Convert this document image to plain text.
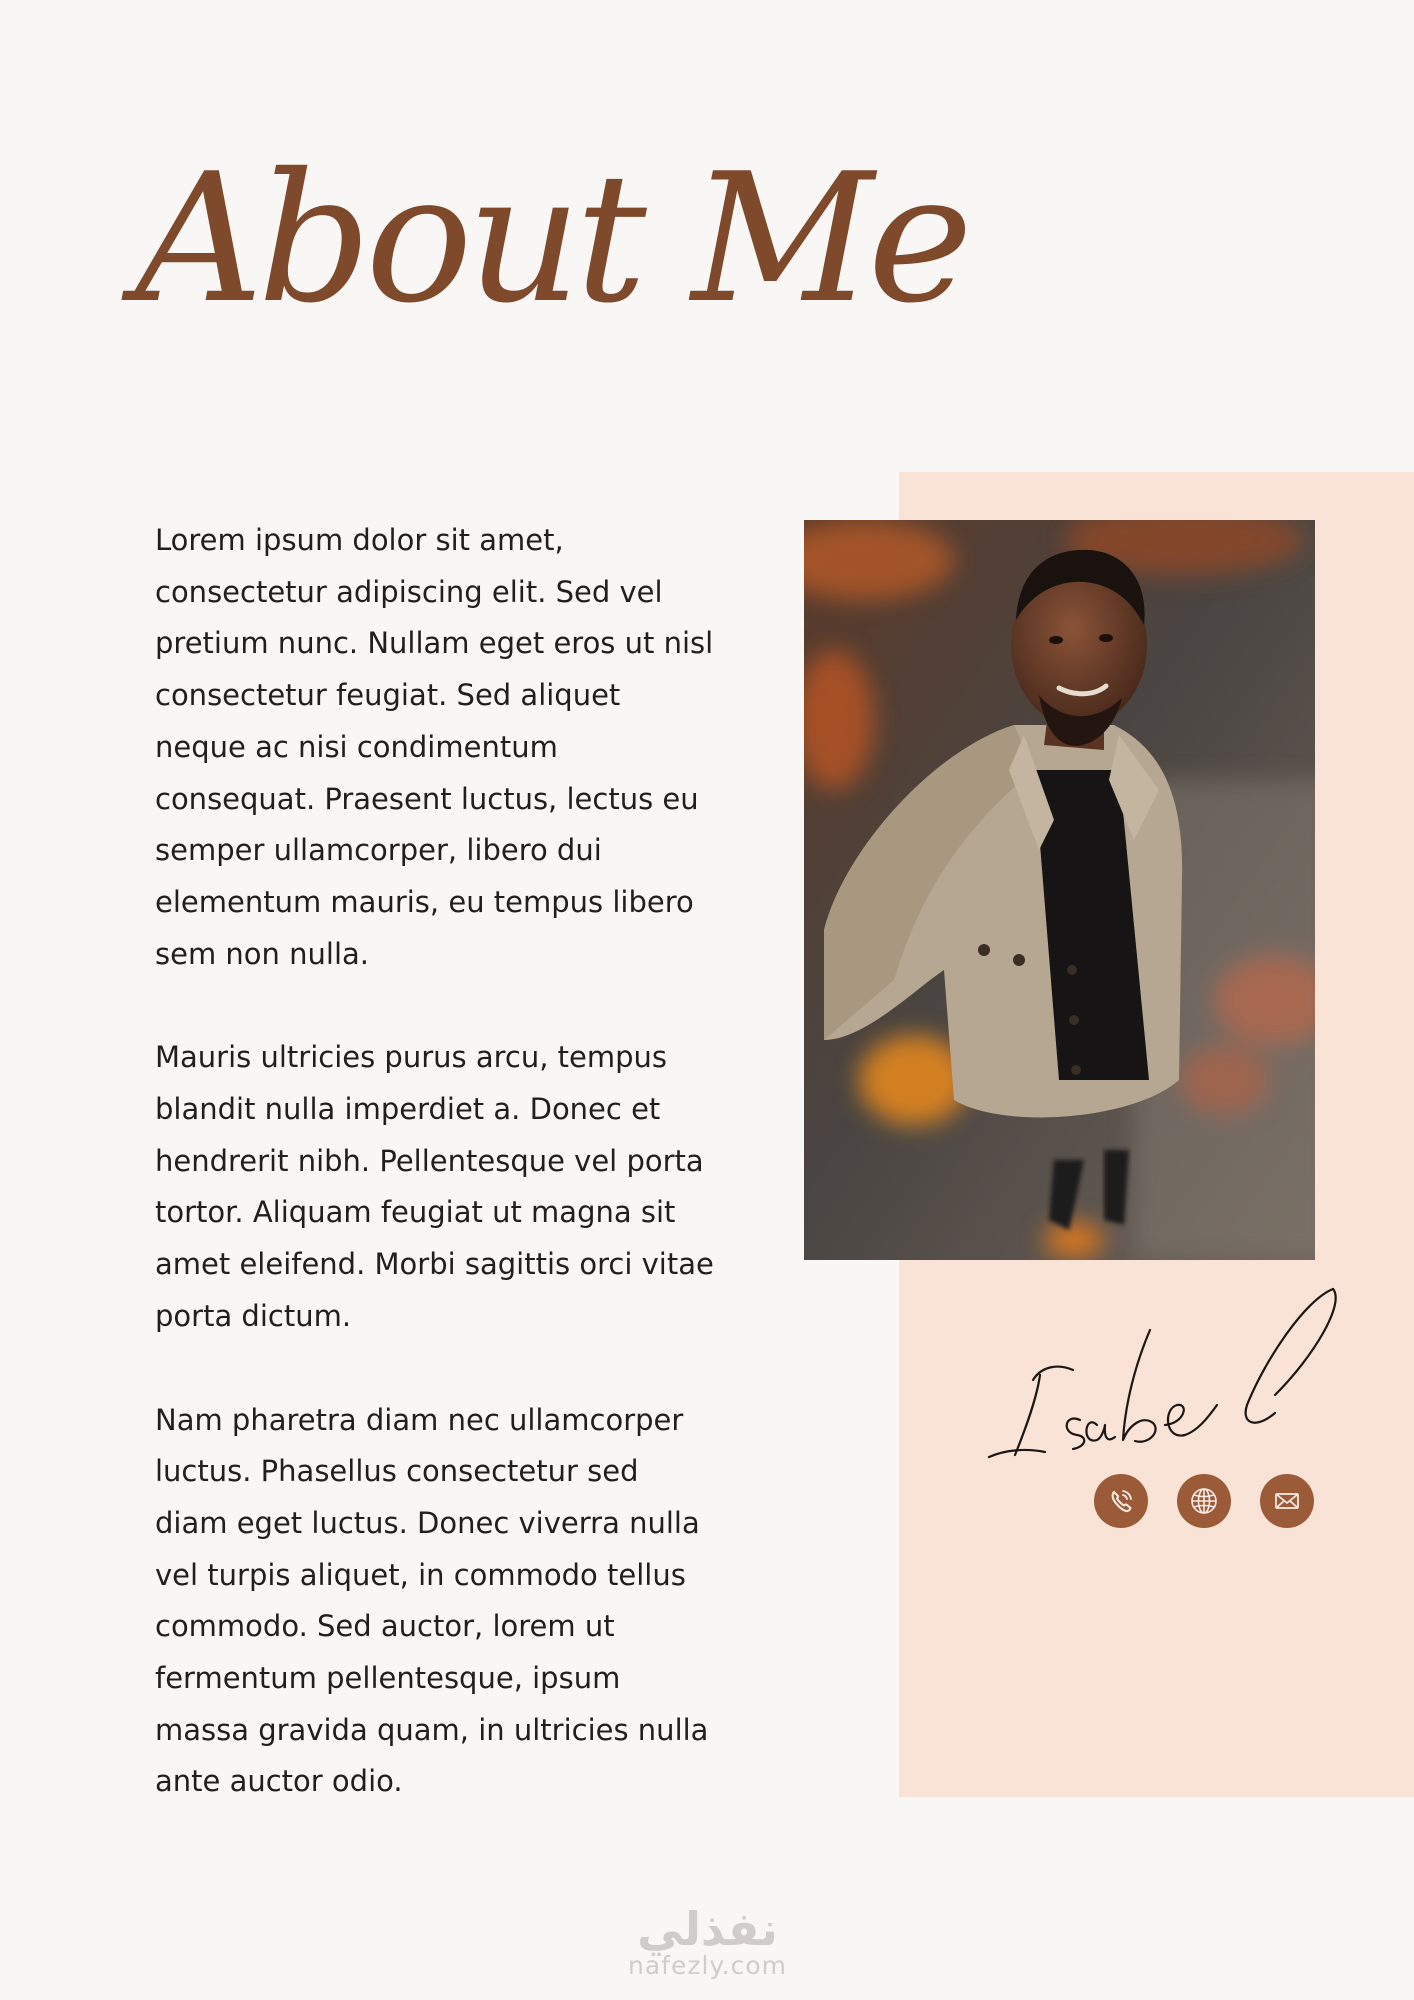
About Me

Lorem ipsum dolor sit amet, consectetur adipiscing elit. Sed vel pretium nunc. Nullam eget eros ut nisl consectetur feugiat. Sed aliquet neque ac nisi condimentum consequat. Praesent luctus, lectus eu semper ullamcorper, libero dui elementum mauris, eu tempus libero sem non nulla.

Mauris ultricies purus arcu, tempus blandit nulla imperdiet a. Donec et hendrerit nibh. Pellentesque vel porta tortor. Aliquam feugiat ut magna sit amet eleifend. Morbi sagittis orci vitae porta dictum.

Nam pharetra diam nec ullamcorper luctus. Phasellus consectetur sed diam eget luctus. Donec viverra nulla vel turpis aliquet, in commodo tellus commodo. Sed auctor, lorem ut fermentum pellentesque, ipsum massa gravida quam, in ultricies nulla ante auctor odio.

نفذلي
nafezly.com
